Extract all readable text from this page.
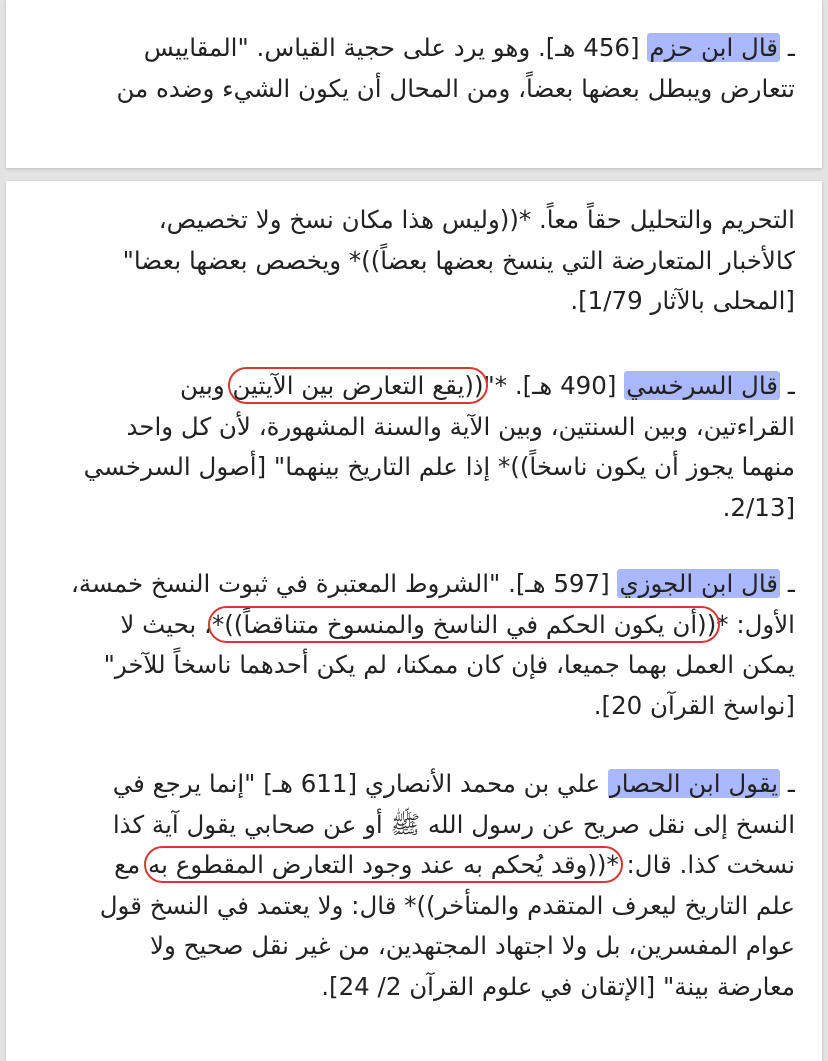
ـ قال ابن حزم [456 هـ]. وهو يرد على حجية القياس. "المقاييس
تتعارض ويبطل بعضها بعضاً، ومن المحال أن يكون الشيء وضده من
التحريم والتحليل حقاً معاً. *((وليس هذا مكان نسخ ولا تخصيص،
كالأخبار المتعارضة التي ينسخ بعضها بعضاً))* ويخصص بعضها بعضا"
[المحلى بالآثار 1/79].
ـ قال السرخسي [490 هـ]. *"((يقع التعارض بين الآيتين وبين
القراءتين، وبين السنتين، وبين الآية والسنة المشهورة، لأن كل واحد
منهما يجوز أن يكون ناسخاً))* إذا علم التاريخ بينهما" [أصول السرخسي
[2/13.
ـ قال ابن الجوزي [597 هـ]. "الشروط المعتبرة في ثبوت النسخ خمسة،
الأول: *((أن يكون الحكم في الناسخ والمنسوخ متناقضاً))*، بحيث لا
يمكن العمل بهما جميعا، فإن كان ممكنا، لم يكن أحدهما ناسخاً للآخر"
[نواسخ القرآن 20].
ـ يقول ابن الحصار علي بن محمد الأنصاري [611 هـ] "إنما يرجع في
النسخ إلى نقل صريح عن رسول الله ﷺ أو عن صحابي يقول آية كذا
نسخت كذا. قال: *((وقد يُحكم به عند وجود التعارض المقطوع به مع
علم التاريخ ليعرف المتقدم والمتأخر))* قال: ولا يعتمد في النسخ قول
عوام المفسرين، بل ولا اجتهاد المجتهدين، من غير نقل صحيح ولا
معارضة بينة" [الإتقان في علوم القرآن 2/ 24].
